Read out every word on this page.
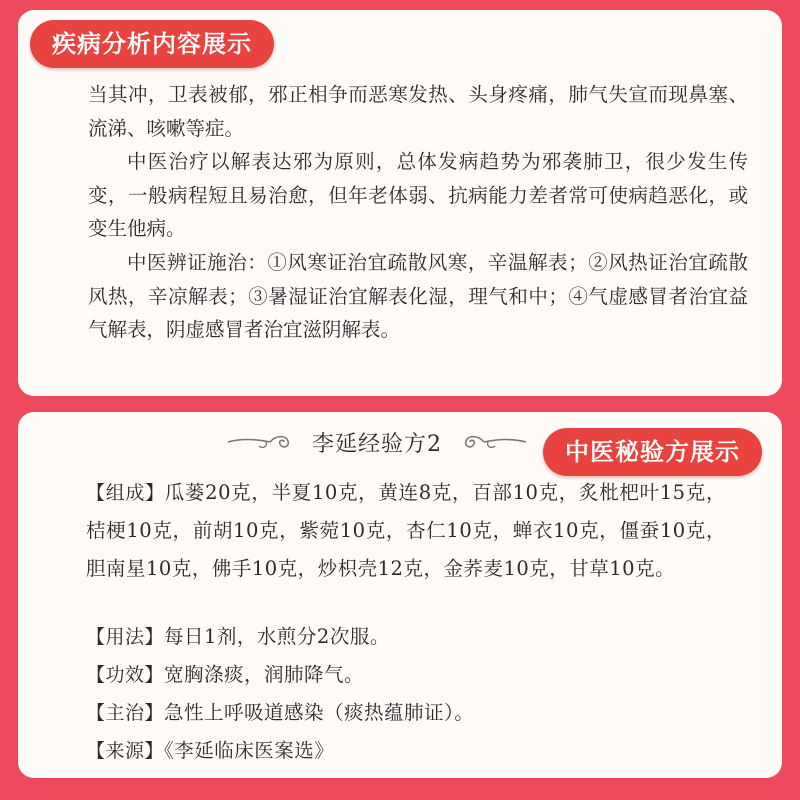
疾病分析内容展示

当其冲，卫表被郁，邪正相争而恶寒发热、头身疼痛，肺气失宣而现鼻塞、流涕、咳嗽等症。

中医治疗以解表达邪为原则，总体发病趋势为邪袭肺卫，很少发生传变，一般病程短且易治愈，但年老体弱、抗病能力差者常可使病趋恶化，或变生他病。

中医辨证施治：①风寒证治宜疏散风寒，辛温解表；②风热证治宜疏散风热，辛凉解表；③暑湿证治宜解表化湿，理气和中；④气虚感冒者治宜益气解表，阴虚感冒者治宜滋阴解表。

中医秘验方展示
李延经验方2

【组成】瓜蒌20克，半夏10克，黄连8克，百部10克，炙枇杷叶15克，桔梗10克，前胡10克，紫菀10克，杏仁10克，蝉衣10克，僵蚕10克，胆南星10克，佛手10克，炒枳壳12克，金荞麦10克，甘草10克。

【用法】每日1剂，水煎分2次服。

【功效】宽胸涤痰，润肺降气。

【主治】急性上呼吸道感染（痰热蕴肺证）。

【来源】《李延临床医案选》
